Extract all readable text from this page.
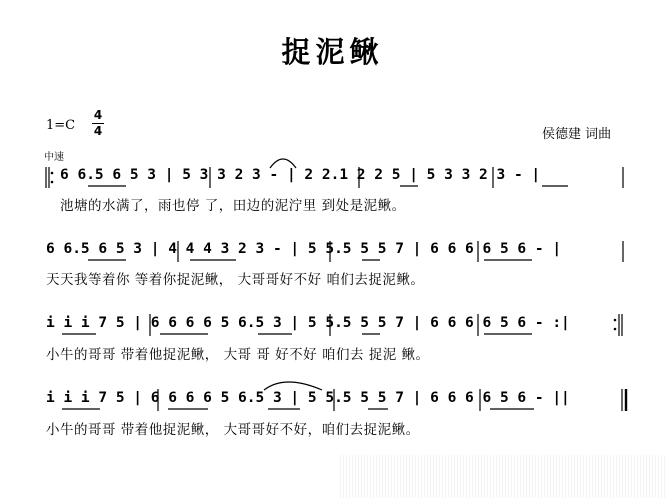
捉泥鳅
1=C
4
4
中速
侯德建 词曲
6 6.5 6 5 3 | 5 3 3 2 3 - | 2 2.1 2 2 5 | 5 3 3 2 3 - |
池塘的水满了，雨也停 了，田边的泥泞里 到处是泥鳅。
6 6.5 6 5 3 | 4 4 4 3 2 3 - | 5 5.5 5 5 7 | 6 6 6 6 5 6 - |
天天我等着你 等着你捉泥鳅， 大哥哥好不好 咱们去捉泥鳅。
i i i 7 5 | 6 6 6 6 5 6.5 3 | 5 5.5 5 5 7 | 6 6 6 6 5 6 - :|
小牛的哥哥 带着他捉泥鳅， 大哥 哥 好不好 咱们去 捉泥 鳅。
i i i 7 5 | 6 6 6 6 5 6.5 3 | 5 5.5 5 5 7 | 6 6 6 6 5 6 - ||
小牛的哥哥 带着他捉泥鳅， 大哥哥好不好，咱们去捉泥鳅。
